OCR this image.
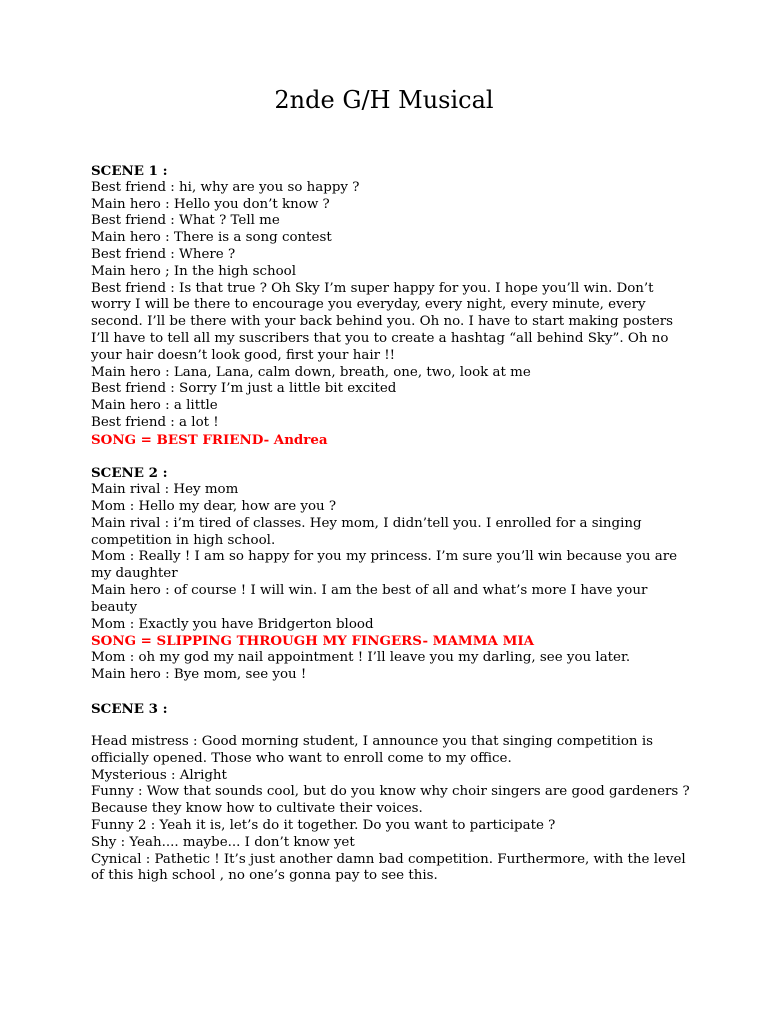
2nde G/H Musical
SCENE 1 :
Best friend : hi, why are you so happy ?
Main hero : Hello you don’t know ?
Best friend : What ? Tell me
Main hero : There is a song contest
Best friend : Where ?
Main hero ; In the high school
Best friend : Is that true ? Oh Sky I’m super happy for you. I hope you’ll win. Don’t worry I will be there to encourage you everyday, every night, every minute, every second. I’ll be there with your back behind you. Oh no. I have to start making posters I’ll have to tell all my suscribers that you to create a hashtag “all behind Sky”. Oh no your hair doesn’t look good, first your hair !!
Main hero : Lana, Lana, calm down, breath, one, two, look at me
Best friend : Sorry I’m just a little bit excited
Main hero : a little
Best friend : a lot !
SONG = BEST FRIEND- Andrea
SCENE 2 :
Main rival : Hey mom
Mom : Hello my dear, how are you ?
Main rival : i’m tired of classes. Hey mom, I didn’tell you. I enrolled for a singing competition in high school.
Mom : Really ! I am so happy for you my princess. I’m sure you’ll win because you are my daughter
Main hero : of course ! I will win. I am the best of all and what’s more I have your beauty
Mom : Exactly you have Bridgerton blood
SONG = SLIPPING THROUGH MY FINGERS- MAMMA MIA
Mom : oh my god my nail appointment ! I’ll leave you my darling, see you later.
Main hero : Bye mom, see you !
SCENE 3 :
Head mistress : Good morning student, I announce you that singing competition is officially opened. Those who want to enroll come to my office.
Mysterious : Alright
Funny : Wow that sounds cool, but do you know why choir singers are good gardeners ? Because they know how to cultivate their voices.
Funny 2 : Yeah it is, let’s do it together. Do you want to participate ?
Shy : Yeah.... maybe... I don’t know yet
Cynical : Pathetic ! It’s just another damn bad competition. Furthermore, with the level of this high school , no one’s gonna pay to see this.
